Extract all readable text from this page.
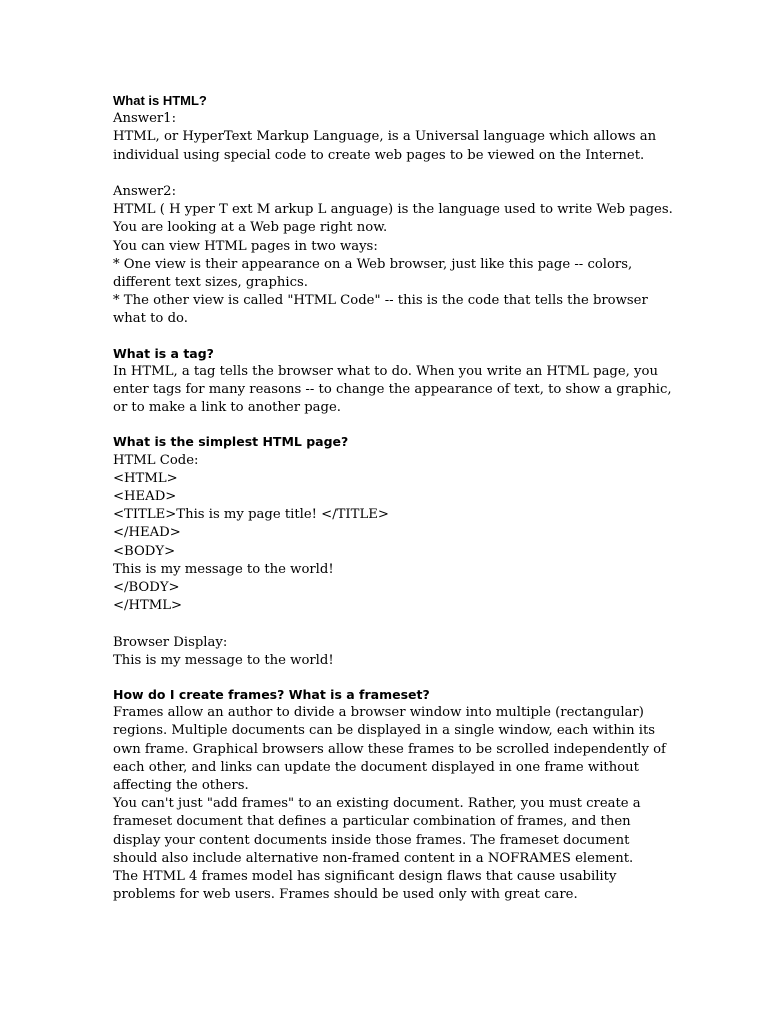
What is HTML?
Answer1:
HTML, or HyperText Markup Language, is a Universal language which allows an
individual using special code to create web pages to be viewed on the Internet.
Answer2:
HTML ( H yper T ext M arkup L anguage) is the language used to write Web pages.
You are looking at a Web page right now.
You can view HTML pages in two ways:
* One view is their appearance on a Web browser, just like this page -- colors,
different text sizes, graphics.
* The other view is called "HTML Code" -- this is the code that tells the browser
what to do.
What is a tag?
In HTML, a tag tells the browser what to do. When you write an HTML page, you
enter tags for many reasons -- to change the appearance of text, to show a graphic,
or to make a link to another page.
What is the simplest HTML page?
HTML Code:
<HTML>
<HEAD>
<TITLE>This is my page title! </TITLE>
</HEAD>
<BODY>
This is my message to the world!
</BODY>
</HTML>
Browser Display:
This is my message to the world!
How do I create frames? What is a frameset?
Frames allow an author to divide a browser window into multiple (rectangular)
regions. Multiple documents can be displayed in a single window, each within its
own frame. Graphical browsers allow these frames to be scrolled independently of
each other, and links can update the document displayed in one frame without
affecting the others.
You can't just "add frames" to an existing document. Rather, you must create a
frameset document that defines a particular combination of frames, and then
display your content documents inside those frames. The frameset document
should also include alternative non-framed content in a NOFRAMES element.
The HTML 4 frames model has significant design flaws that cause usability
problems for web users. Frames should be used only with great care.
